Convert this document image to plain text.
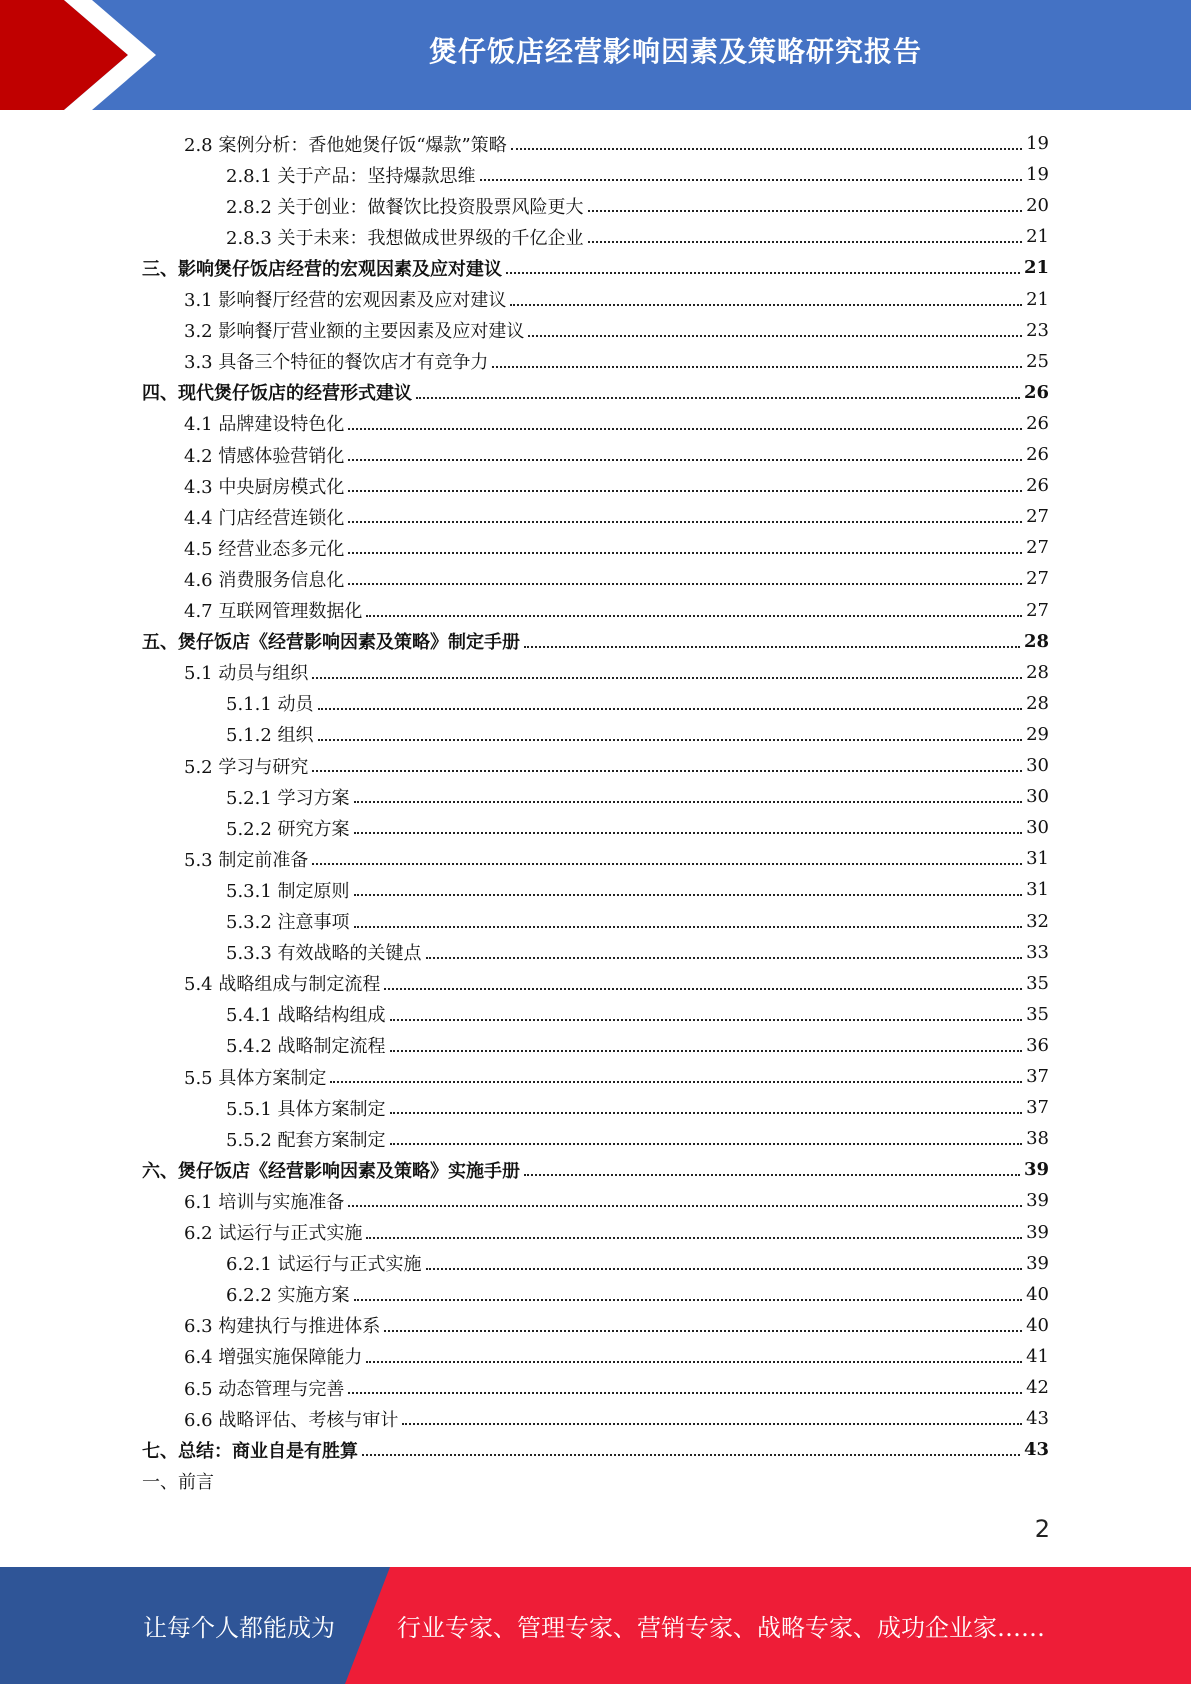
煲仔饭店经营影响因素及策略研究报告
2.8 案例分析：香他她煲仔饭“爆款”策略	19
2.8.1 关于产品：坚持爆款思维	19
2.8.2 关于创业：做餐饮比投资股票风险更大	20
2.8.3 关于未来：我想做成世界级的千亿企业	21
三、影响煲仔饭店经营的宏观因素及应对建议	21
3.1 影响餐厅经营的宏观因素及应对建议	21
3.2 影响餐厅营业额的主要因素及应对建议	23
3.3 具备三个特征的餐饮店才有竞争力	25
四、现代煲仔饭店的经营形式建议	26
4.1 品牌建设特色化	26
4.2 情感体验营销化	26
4.3 中央厨房模式化	26
4.4 门店经营连锁化	27
4.5 经营业态多元化	27
4.6 消费服务信息化	27
4.7 互联网管理数据化	27
五、煲仔饭店《经营影响因素及策略》制定手册	28
5.1 动员与组织	28
5.1.1 动员	28
5.1.2 组织	29
5.2 学习与研究	30
5.2.1 学习方案	30
5.2.2 研究方案	30
5.3 制定前准备	31
5.3.1 制定原则	31
5.3.2 注意事项	32
5.3.3 有效战略的关键点	33
5.4 战略组成与制定流程	35
5.4.1 战略结构组成	35
5.4.2 战略制定流程	36
5.5 具体方案制定	37
5.5.1 具体方案制定	37
5.5.2 配套方案制定	38
六、煲仔饭店《经营影响因素及策略》实施手册	39
6.1 培训与实施准备	39
6.2 试运行与正式实施	39
6.2.1 试运行与正式实施	39
6.2.2 实施方案	40
6.3 构建执行与推进体系	40
6.4 增强实施保障能力	41
6.5 动态管理与完善	42
6.6 战略评估、考核与审计	43
七、总结：商业自是有胜算	43
一、前言
2
让每个人都能成为	行业专家、管理专家、营销专家、战略专家、成功企业家……
